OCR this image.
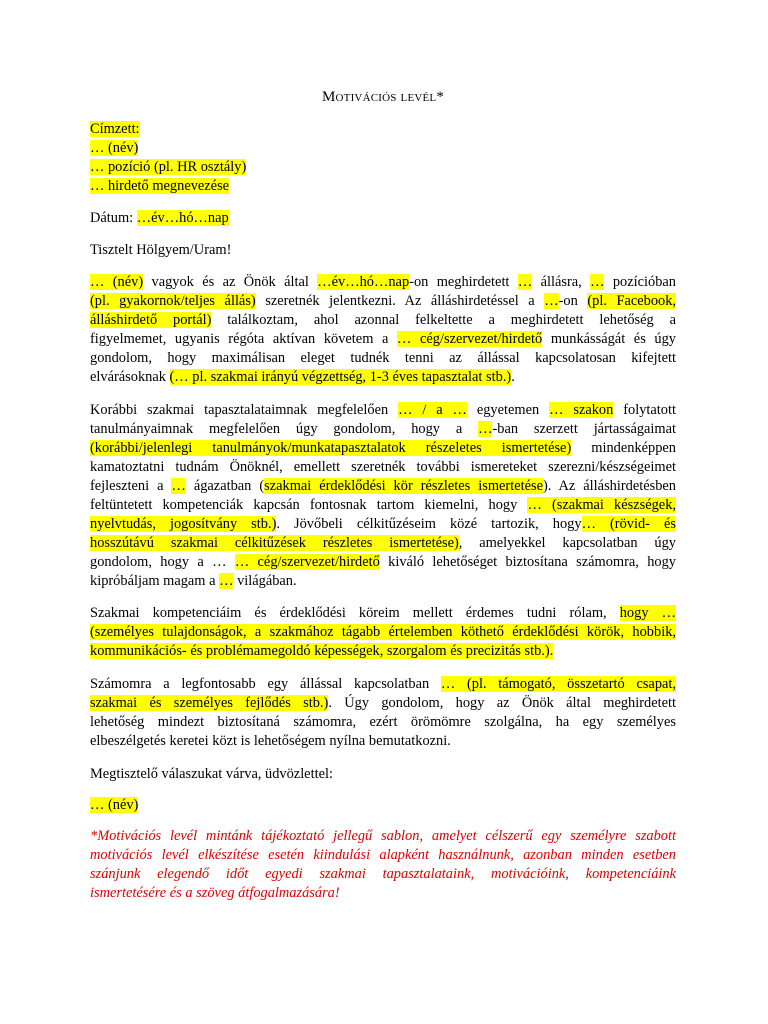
Motivációs levél*
Címzett:
… (név)
… pozíció (pl. HR osztály)
… hirdető megnevezése
Dátum: …év…hó…nap
Tisztelt Hölgyem/Uram!
… (név) vagyok és az Önök által …év…hó…nap-on meghirdetett … állásra, … pozícióban
(pl. gyakornok/teljes állás) szeretnék jelentkezni. Az álláshirdetéssel a …-on (pl. Facebook,
álláshirdető portál) találkoztam, ahol azonnal felkeltette a meghirdetett lehetőség a
figyelmemet, ugyanis régóta aktívan követem a … cég/szervezet/hirdető munkásságát és úgy
gondolom, hogy maximálisan eleget tudnék tenni az állással kapcsolatosan kifejtett
elvárásoknak (… pl. szakmai irányú végzettség, 1-3 éves tapasztalat stb.).
Korábbi szakmai tapasztalataimnak megfelelően … / a … egyetemen … szakon folytatott
tanulmányaimnak megfelelően úgy gondolom, hogy a …-ban szerzett jártasságaimat
(korábbi/jelenlegi tanulmányok/munkatapasztalatok részeletes ismertetése) mindenképpen
kamatoztatni tudnám Önöknél, emellett szeretnék további ismereteket szerezni/készségeimet
fejleszteni a … ágazatban (szakmai érdeklődési kör részletes ismertetése). Az álláshirdetésben
feltüntetett kompetenciák kapcsán fontosnak tartom kiemelni, hogy … (szakmai készségek,
nyelvtudás, jogosítvány stb.). Jövőbeli célkitűzéseim közé tartozik, hogy… (rövid- és
hosszútávú szakmai célkitűzések részletes ismertetése), amelyekkel kapcsolatban úgy
gondolom, hogy a … … cég/szervezet/hirdető kiváló lehetőséget biztosítana számomra, hogy
kipróbáljam magam a … világában.
Szakmai kompetenciáim és érdeklődési köreim mellett érdemes tudni rólam, hogy …
(személyes tulajdonságok, a szakmához tágabb értelemben köthető érdeklődési körök, hobbik,
kommunikációs- és problémamegoldó képességek, szorgalom és precizitás stb.).
Számomra a legfontosabb egy állással kapcsolatban … (pl. támogató, összetartó csapat,
szakmai és személyes fejlődés stb.). Úgy gondolom, hogy az Önök által meghirdetett
lehetőség mindezt biztosítaná számomra, ezért örömömre szolgálna, ha egy személyes
elbeszélgetés keretei közt is lehetőségem nyílna bemutatkozni.
Megtisztelő válaszukat várva, üdvözlettel:
… (név)
*Motivációs levél mintánk tájékoztató jellegű sablon, amelyet célszerű egy személyre szabott
motivációs levél elkészítése esetén kiindulási alapként használnunk, azonban minden esetben
szánjunk elegendő időt egyedi szakmai tapasztalataink, motivációink, kompetenciáink
ismertetésére és a szöveg átfogalmazására!
